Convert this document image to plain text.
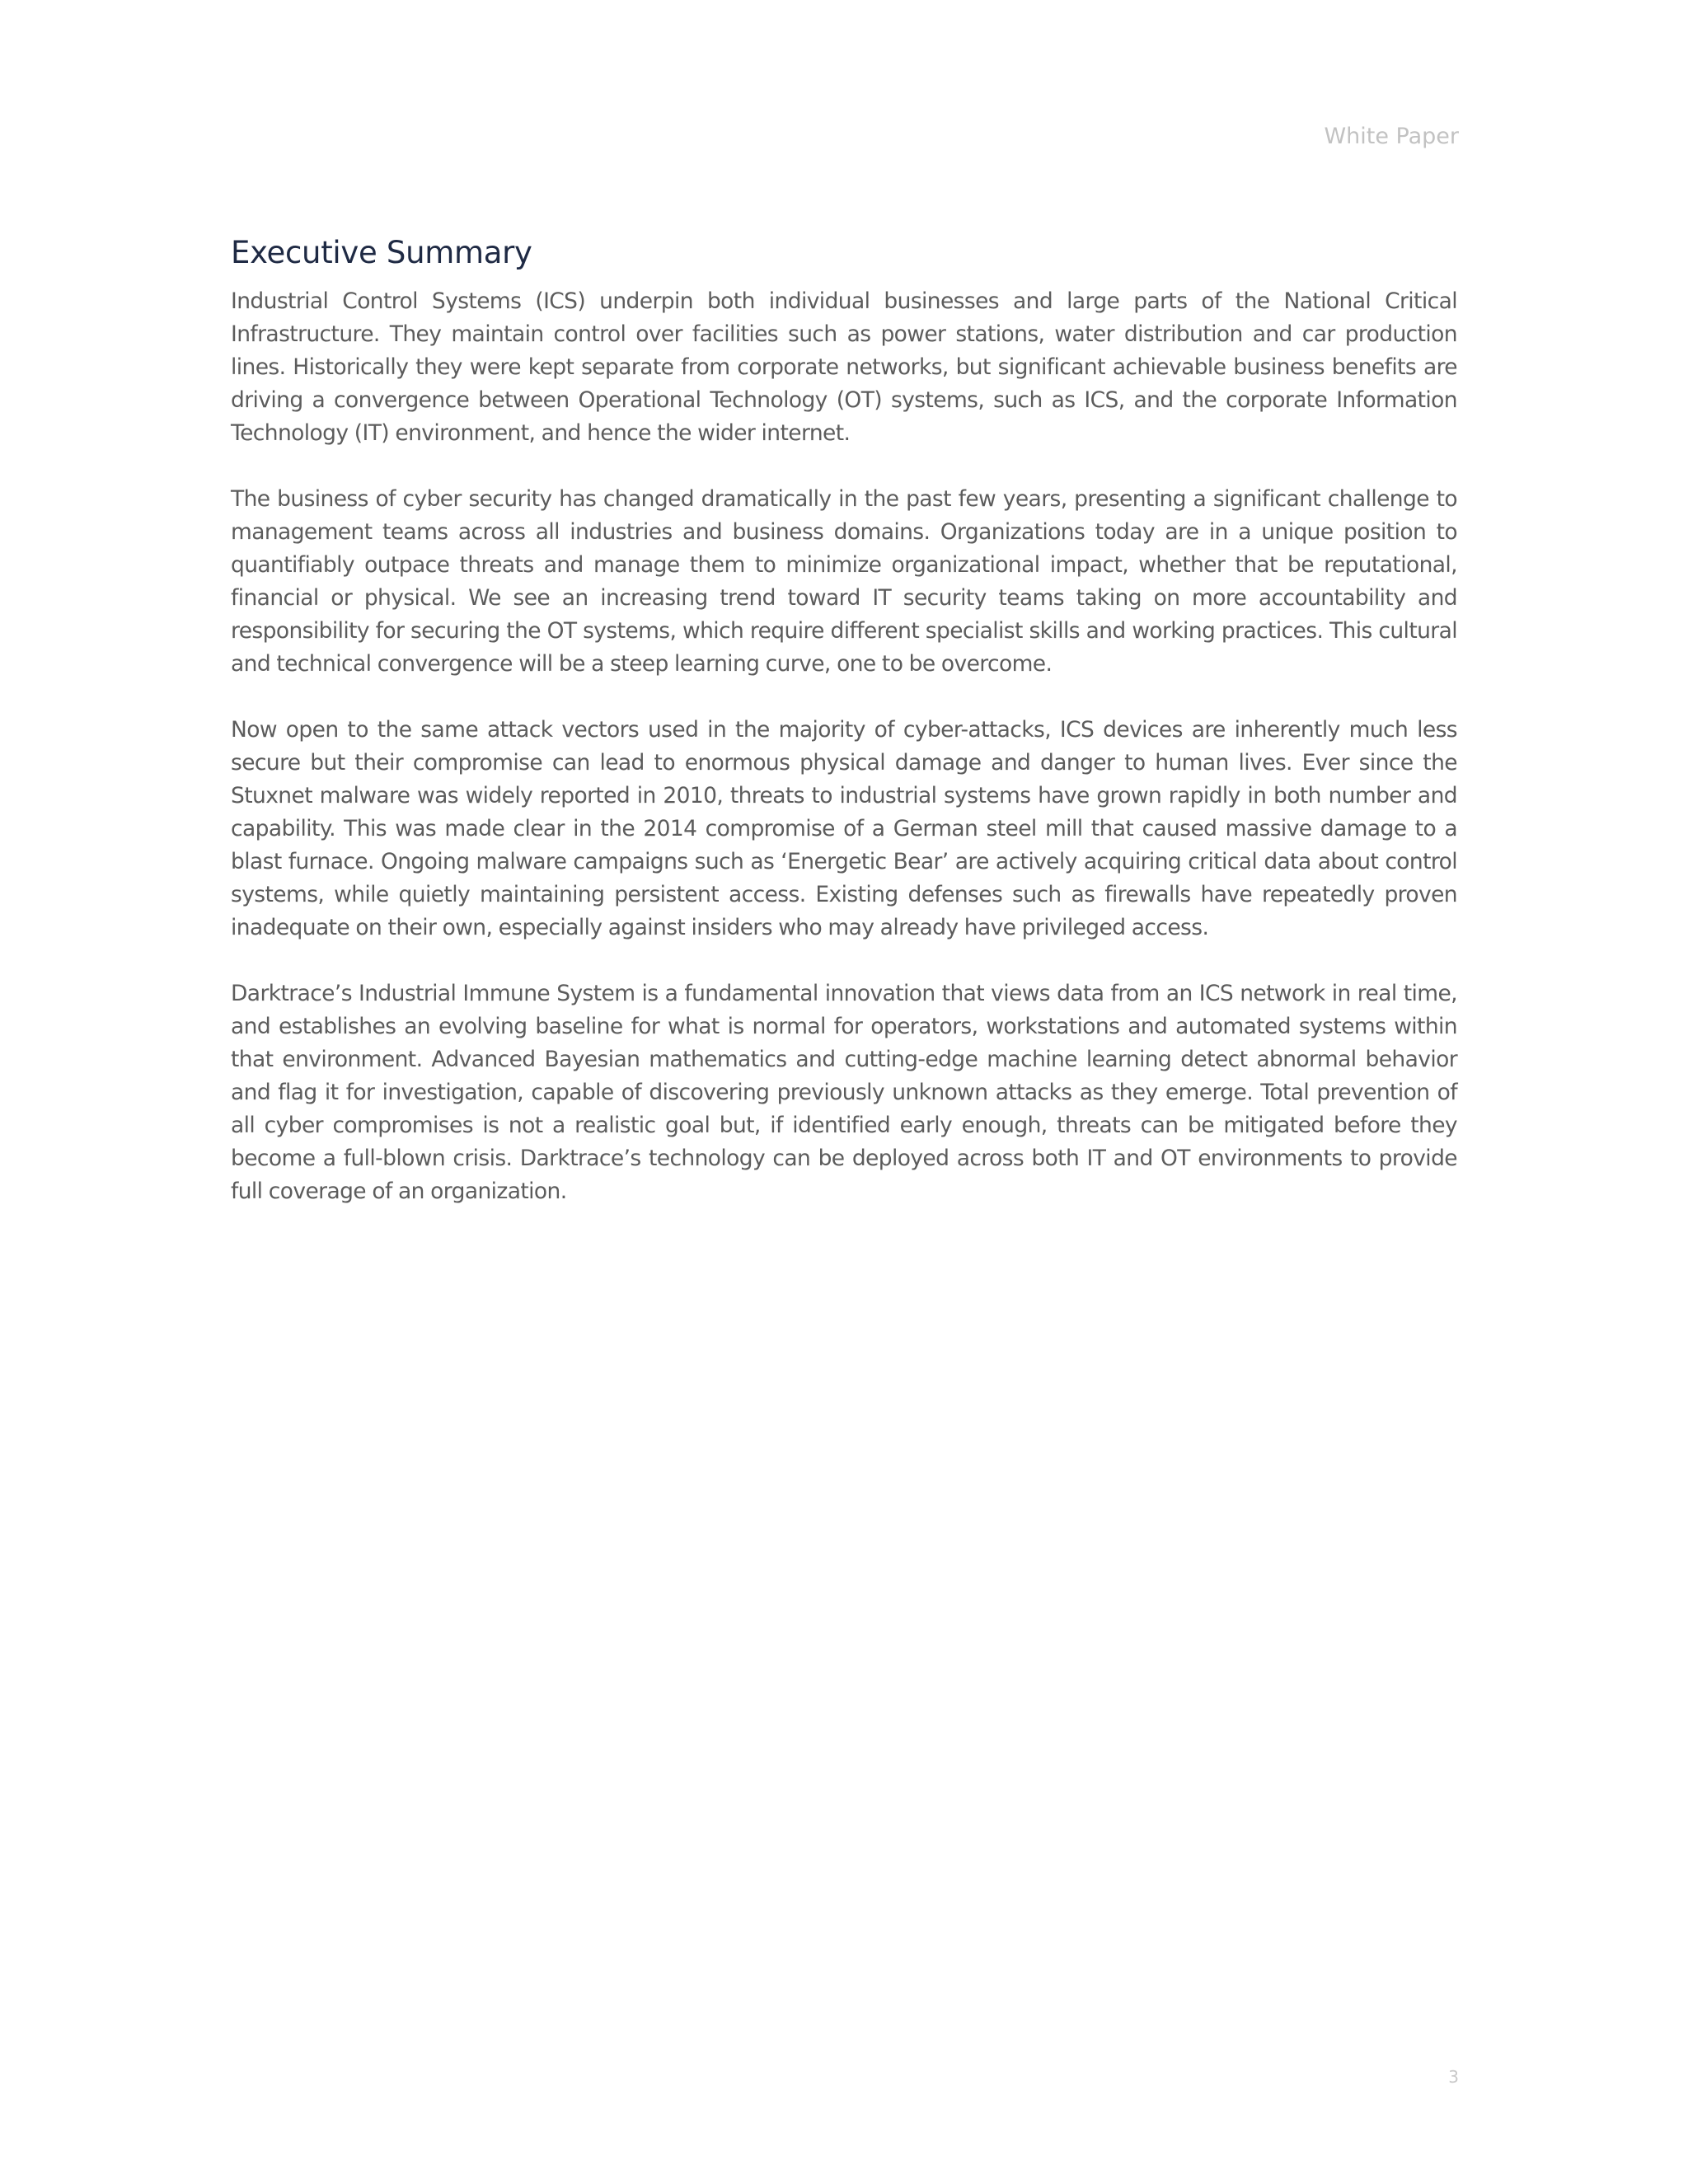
White Paper
Executive Summary

Industrial Control Systems (ICS) underpin both individual businesses and large parts of the National Critical Infrastructure. They maintain control over facilities such as power stations, water distribution and car production lines. Historically they were kept separate from corporate networks, but significant achievable business benefits are driving a convergence between Operational Technology (OT) systems, such as ICS, and the corporate Information Technology (IT) environment, and hence the wider internet.

The business of cyber security has changed dramatically in the past few years, presenting a significant challenge to management teams across all industries and business domains. Organizations today are in a unique position to quantifiably outpace threats and manage them to minimize organizational impact, whether that be reputational, financial or physical. We see an increasing trend toward IT security teams taking on more accountability and responsibility for securing the OT systems, which require different specialist skills and working practices. This cultural and technical convergence will be a steep learning curve, one to be overcome.

Now open to the same attack vectors used in the majority of cyber-attacks, ICS devices are inherently much less secure but their compromise can lead to enormous physical damage and danger to human lives. Ever since the Stuxnet malware was widely reported in 2010, threats to industrial systems have grown rapidly in both number and capability. This was made clear in the 2014 compromise of a German steel mill that caused massive damage to a blast furnace. Ongoing malware campaigns such as ‘Energetic Bear’ are actively acquiring critical data about control systems, while quietly maintaining persistent access. Existing defenses such as firewalls have repeatedly proven inadequate on their own, especially against insiders who may already have privileged access.

Darktrace’s Industrial Immune System is a fundamental innovation that views data from an ICS network in real time, and establishes an evolving baseline for what is normal for operators, workstations and automated systems within that environment. Advanced Bayesian mathematics and cutting-edge machine learning detect abnormal behavior and flag it for investigation, capable of discovering previously unknown attacks as they emerge. Total prevention of all cyber compromises is not a realistic goal but, if identified early enough, threats can be mitigated before they become a full-blown crisis. Darktrace’s technology can be deployed across both IT and OT environments to provide full coverage of an organization.

3
